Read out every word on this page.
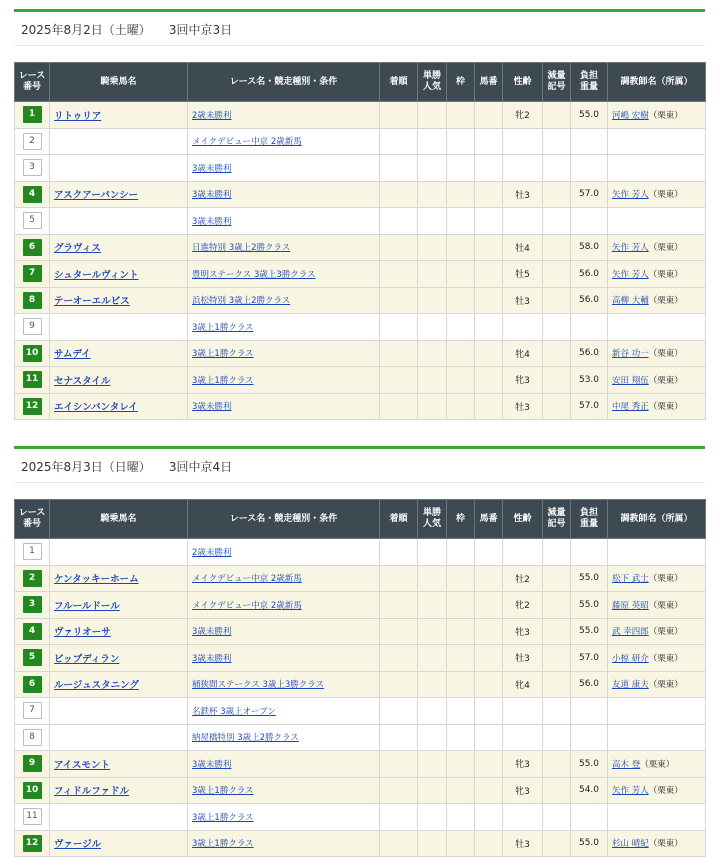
2025年8月2日（土曜） 3回中京3日
レース
番号	騎乗馬名	レース名・競走種別・条件	着順	単勝
人気	枠	馬番	性齢	減量
記号	負担
重量	調教師名（所属）
1	リトゥリア	2歳未勝利					牝2		55.0	河嶋 宏樹（栗東）
2		メイクデビュー中京 2歳新馬								
3		3歳未勝利								
4	アスクアーバンシー	3歳未勝利					牡3		57.0	矢作 芳人（栗東）
5		3歳未勝利								
6	グラヴィス	日進特別 3歳上2勝クラス					牡4		58.0	矢作 芳人（栗東）
7	シュタールヴィント	豊明ステークス 3歳上3勝クラス					牡5		56.0	矢作 芳人（栗東）
8	テーオーエルビス	浜松特別 3歳上2勝クラス					牡3		56.0	高柳 大輔（栗東）
9		3歳上1勝クラス								
10	サムデイ	3歳上1勝クラス					牝4		56.0	新谷 功一（栗東）
11	セナスタイル	3歳上1勝クラス					牝3		53.0	安田 翔伍（栗東）
12	エイシンバンタレイ	3歳未勝利					牡3		57.0	中尾 秀正（栗東）
2025年8月3日（日曜） 3回中京4日
レース
番号	騎乗馬名	レース名・競走種別・条件	着順	単勝
人気	枠	馬番	性齢	減量
記号	負担
重量	調教師名（所属）
1		2歳未勝利								
2	ケンタッキーホーム	メイクデビュー中京 2歳新馬					牡2		55.0	松下 武士（栗東）
3	フルールドール	メイクデビュー中京 2歳新馬					牝2		55.0	藤原 英昭（栗東）
4	ヴァリオーサ	3歳未勝利					牝3		55.0	武 幸四郎（栗東）
5	ビップディラン	3歳未勝利					牡3		57.0	小椋 研介（栗東）
6	ルージュスタニング	桶狭間ステークス 3歳上3勝クラス					牝4		56.0	友道 康夫（栗東）
7		名鉄杯 3歳上オープン								
8		納屋橋特別 3歳上2勝クラス								
9	アイスモント	3歳未勝利					牝3		55.0	高木 登（栗東）
10	フィドルファドル	3歳上1勝クラス					牝3		54.0	矢作 芳人（栗東）
11		3歳上1勝クラス								
12	ヴァージル	3歳上1勝クラス					牡3		55.0	杉山 晴紀（栗東）
